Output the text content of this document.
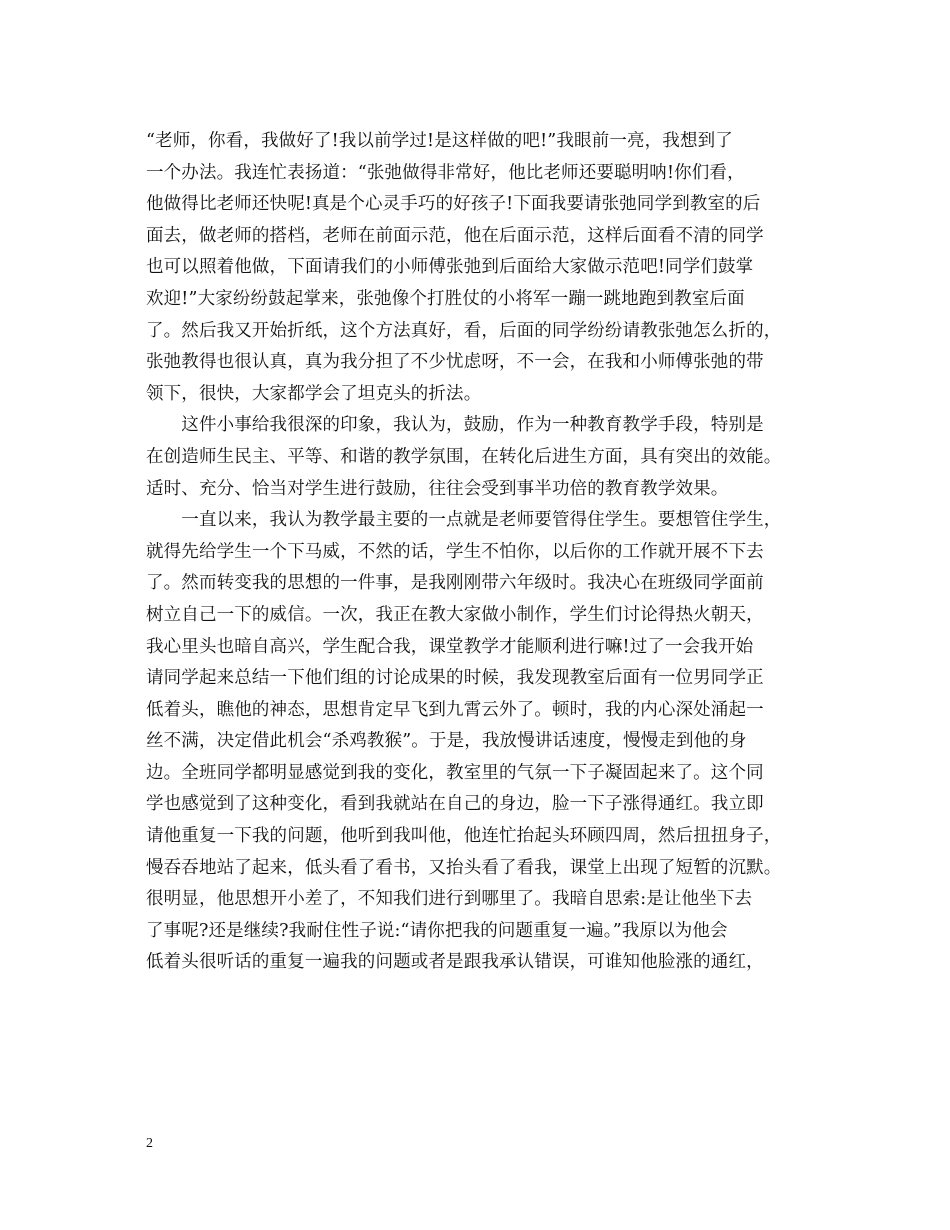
“老师，你看，我做好了!我以前学过!是这样做的吧!”我眼前一亮，我想到了
一个办法。我连忙表扬道：“张弛做得非常好，他比老师还要聪明呐!你们看，
他做得比老师还快呢!真是个心灵手巧的好孩子!下面我要请张弛同学到教室的后
面去，做老师的搭档，老师在前面示范，他在后面示范，这样后面看不清的同学
也可以照着他做，下面请我们的小师傅张弛到后面给大家做示范吧!同学们鼓掌
欢迎!”大家纷纷鼓起掌来，张弛像个打胜仗的小将军一蹦一跳地跑到教室后面
了。然后我又开始折纸，这个方法真好，看，后面的同学纷纷请教张弛怎么折的，
张弛教得也很认真，真为我分担了不少忧虑呀，不一会，在我和小师傅张弛的带
领下，很快，大家都学会了坦克头的折法。
　　这件小事给我很深的印象，我认为，鼓励，作为一种教育教学手段，特别是
在创造师生民主、平等、和谐的教学氛围，在转化后进生方面，具有突出的效能。
适时、充分、恰当对学生进行鼓励，往往会受到事半功倍的教育教学效果。
　　一直以来，我认为教学最主要的一点就是老师要管得住学生。要想管住学生，
就得先给学生一个下马威，不然的话，学生不怕你，以后你的工作就开展不下去
了。然而转变我的思想的一件事，是我刚刚带六年级时。我决心在班级同学面前
树立自己一下的威信。一次，我正在教大家做小制作，学生们讨论得热火朝天，
我心里头也暗自高兴，学生配合我，课堂教学才能顺利进行嘛!过了一会我开始
请同学起来总结一下他们组的讨论成果的时候，我发现教室后面有一位男同学正
低着头，瞧他的神态，思想肯定早飞到九霄云外了。顿时，我的内心深处涌起一
丝不满，决定借此机会“杀鸡教猴”。于是，我放慢讲话速度，慢慢走到他的身
边。全班同学都明显感觉到我的变化，教室里的气氛一下子凝固起来了。这个同
学也感觉到了这种变化，看到我就站在自己的身边，脸一下子涨得通红。我立即
请他重复一下我的问题，他听到我叫他，他连忙抬起头环顾四周，然后扭扭身子，
慢吞吞地站了起来，低头看了看书，又抬头看了看我，课堂上出现了短暂的沉默。
很明显，他思想开小差了，不知我们进行到哪里了。我暗自思索:是让他坐下去
了事呢?还是继续?我耐住性子说:“请你把我的问题重复一遍。”我原以为他会
低着头很听话的重复一遍我的问题或者是跟我承认错误，可谁知他脸涨的通红，
2
